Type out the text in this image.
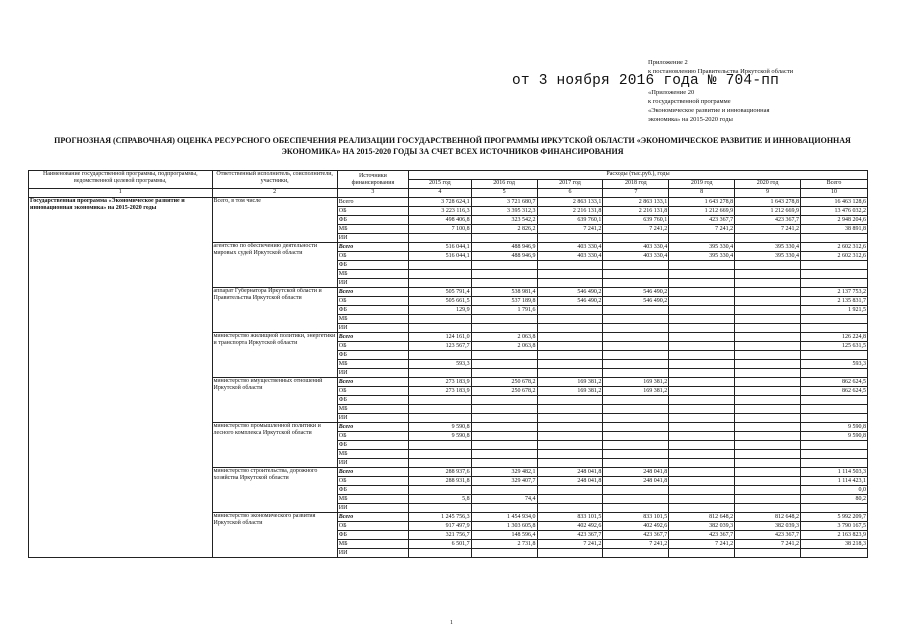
Приложение 2
к постановлению Правительства Иркутской области
от 3 ноября 2016 года № 704-пп
«Приложение 20
к государственной программе
«Экономическое развитие и инновационная
экономика» на 2015-2020 годы
ПРОГНОЗНАЯ (СПРАВОЧНАЯ) ОЦЕНКА РЕСУРСНОГО ОБЕСПЕЧЕНИЯ РЕАЛИЗАЦИИ ГОСУДАРСТВЕННОЙ ПРОГРАММЫ ИРКУТСКОЙ ОБЛАСТИ «ЭКОНОМИЧЕСКОЕ РАЗВИТИЕ И ИННОВАЦИОННАЯ ЭКОНОМИКА» НА 2015-2020 ГОДЫ ЗА СЧЕТ ВСЕХ ИСТОЧНИКОВ ФИНАНСИРОВАНИЯ
Наименование государственной программы, подпрограммы, ведомственной целевой программы,	Ответственный исполнитель, соисполнители, участники,	Источники финансирования	Расходы (тыс.руб.), годы						
			2015 год	2016 год	2017 год	2018 год	2019 год	2020 год	Всего
1	2	3	4	5	6	7	8	9	10
Государственная программа «Экономическое развитие и инновационная экономика» на 2015-2020 годы	Всего, в том числе	Всего	3 728 624,1	3 721 680,7	2 863 133,1	2 863 133,1	1 643 278,8	1 643 278,8	16 463 128,6
		ОБ	3 223 116,3	3 395 312,3	2 216 131,8	2 216 131,8	1 212 669,9	1 212 669,9	13 476 032,2
		ФБ	498 406,8	323 542,2	639 760,1	639 760,1	423 367,7	423 367,7	2 948 204,6
		МБ	7 100,8	2 826,2	7 241,2	7 241,2	7 241,2	7 241,2	38 891,8
		ИИ							
	агентство по обеспечению деятельности мировых судей Иркутской области	Всего	516 044,1	488 946,9	403 330,4	403 330,4	395 330,4	395 330,4	2 602 312,6
		ОБ	516 044,1	488 946,9	403 330,4	403 330,4	395 330,4	395 330,4	2 602 312,6
		ФБ							
		МБ							
		ИИ							
	аппарат Губернатора Иркутской области и Правительства Иркутской области	Всего	505 791,4	538 981,4	546 490,2	546 490,2			2 137 753,2
		ОБ	505 661,5	537 189,8	546 490,2	546 490,2			2 135 831,7
		ФБ	129,9	1 791,6					1 921,5
		МБ							
		ИИ							
	министерство жилищной политики, энергетики и транспорта Иркутской области	Всего	124 161,0	2 063,8					126 224,8
		ОБ	123 567,7	2 063,8					125 631,5
		ФБ							
		МБ	593,3						593,3
		ИИ							
	министерство имущественных отношений Иркутской области	Всего	273 183,9	250 678,2	169 381,2	169 381,2			862 624,5
		ОБ	273 183,9	250 678,2	169 381,2	169 381,2			862 624,5
		ФБ							
		МБ							
		ИИ							
	министерство промышленной политики и лесного комплекса Иркутской области	Всего	9 590,8						9 590,8
		ОБ	9 590,8						9 590,8
		ФБ							
		МБ							
		ИИ							
	министерство строительства, дорожного хозяйства Иркутской области	Всего	288 937,6	329 482,1	248 041,8	248 041,8			1 114 503,3
		ОБ	288 931,8	329 407,7	248 041,8	248 041,8			1 114 423,1
		ФБ							0,0
		МБ	5,8	74,4					80,2
		ИИ							
	министерство экономического развития Иркутской области	Всего	1 245 756,3	1 454 934,0	833 101,5	833 101,5	812 648,2	812 648,2	5 992 209,7
		ОБ	917 497,9	1 303 605,8	402 492,6	402 492,6	382 039,3	382 039,3	3 790 167,5
		ФБ	321 756,7	148 596,4	423 367,7	423 367,7	423 367,7	423 367,7	2 163 823,9
		МБ	6 501,7	2 731,8	7 241,2	7 241,2	7 241,2	7 241,2	38 218,3
		ИИ							
1
